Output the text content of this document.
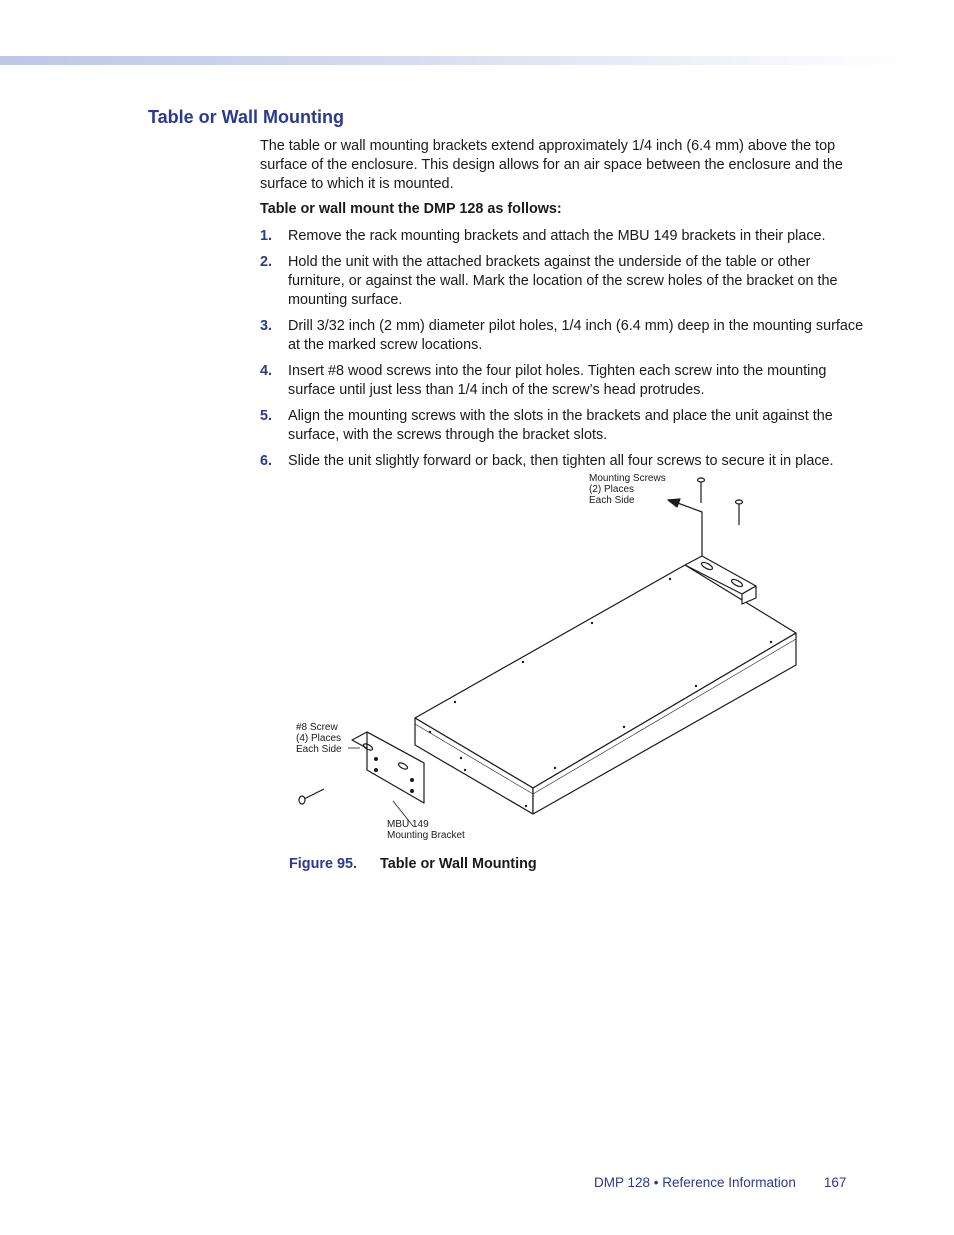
Table or Wall Mounting

The table or wall mounting brackets extend approximately 1/4 inch (6.4 mm) above the top surface of the enclosure. This design allows for an air space between the enclosure and the surface to which it is mounted.

Table or wall mount the DMP 128 as follows:

1. Remove the rack mounting brackets and attach the MBU 149 brackets in their place.
2. Hold the unit with the attached brackets against the underside of the table or other furniture, or against the wall. Mark the location of the screw holes of the bracket on the mounting surface.
3. Drill 3/32 inch (2 mm) diameter pilot holes, 1/4 inch (6.4 mm) deep in the mounting surface at the marked screw locations.
4. Insert #8 wood screws into the four pilot holes. Tighten each screw into the mounting surface until just less than 1/4 inch of the screw’s head protrudes.
5. Align the mounting screws with the slots in the brackets and place the unit against the surface, with the screws through the bracket slots.
6. Slide the unit slightly forward or back, then tighten all four screws to secure it in place.
Mounting Screws (2) Places Each Side
#8 Screw (4) Places Each Side
MBU 149 Mounting Bracket
Figure 95. Table or Wall Mounting
DMP 128 • Reference Information 167
